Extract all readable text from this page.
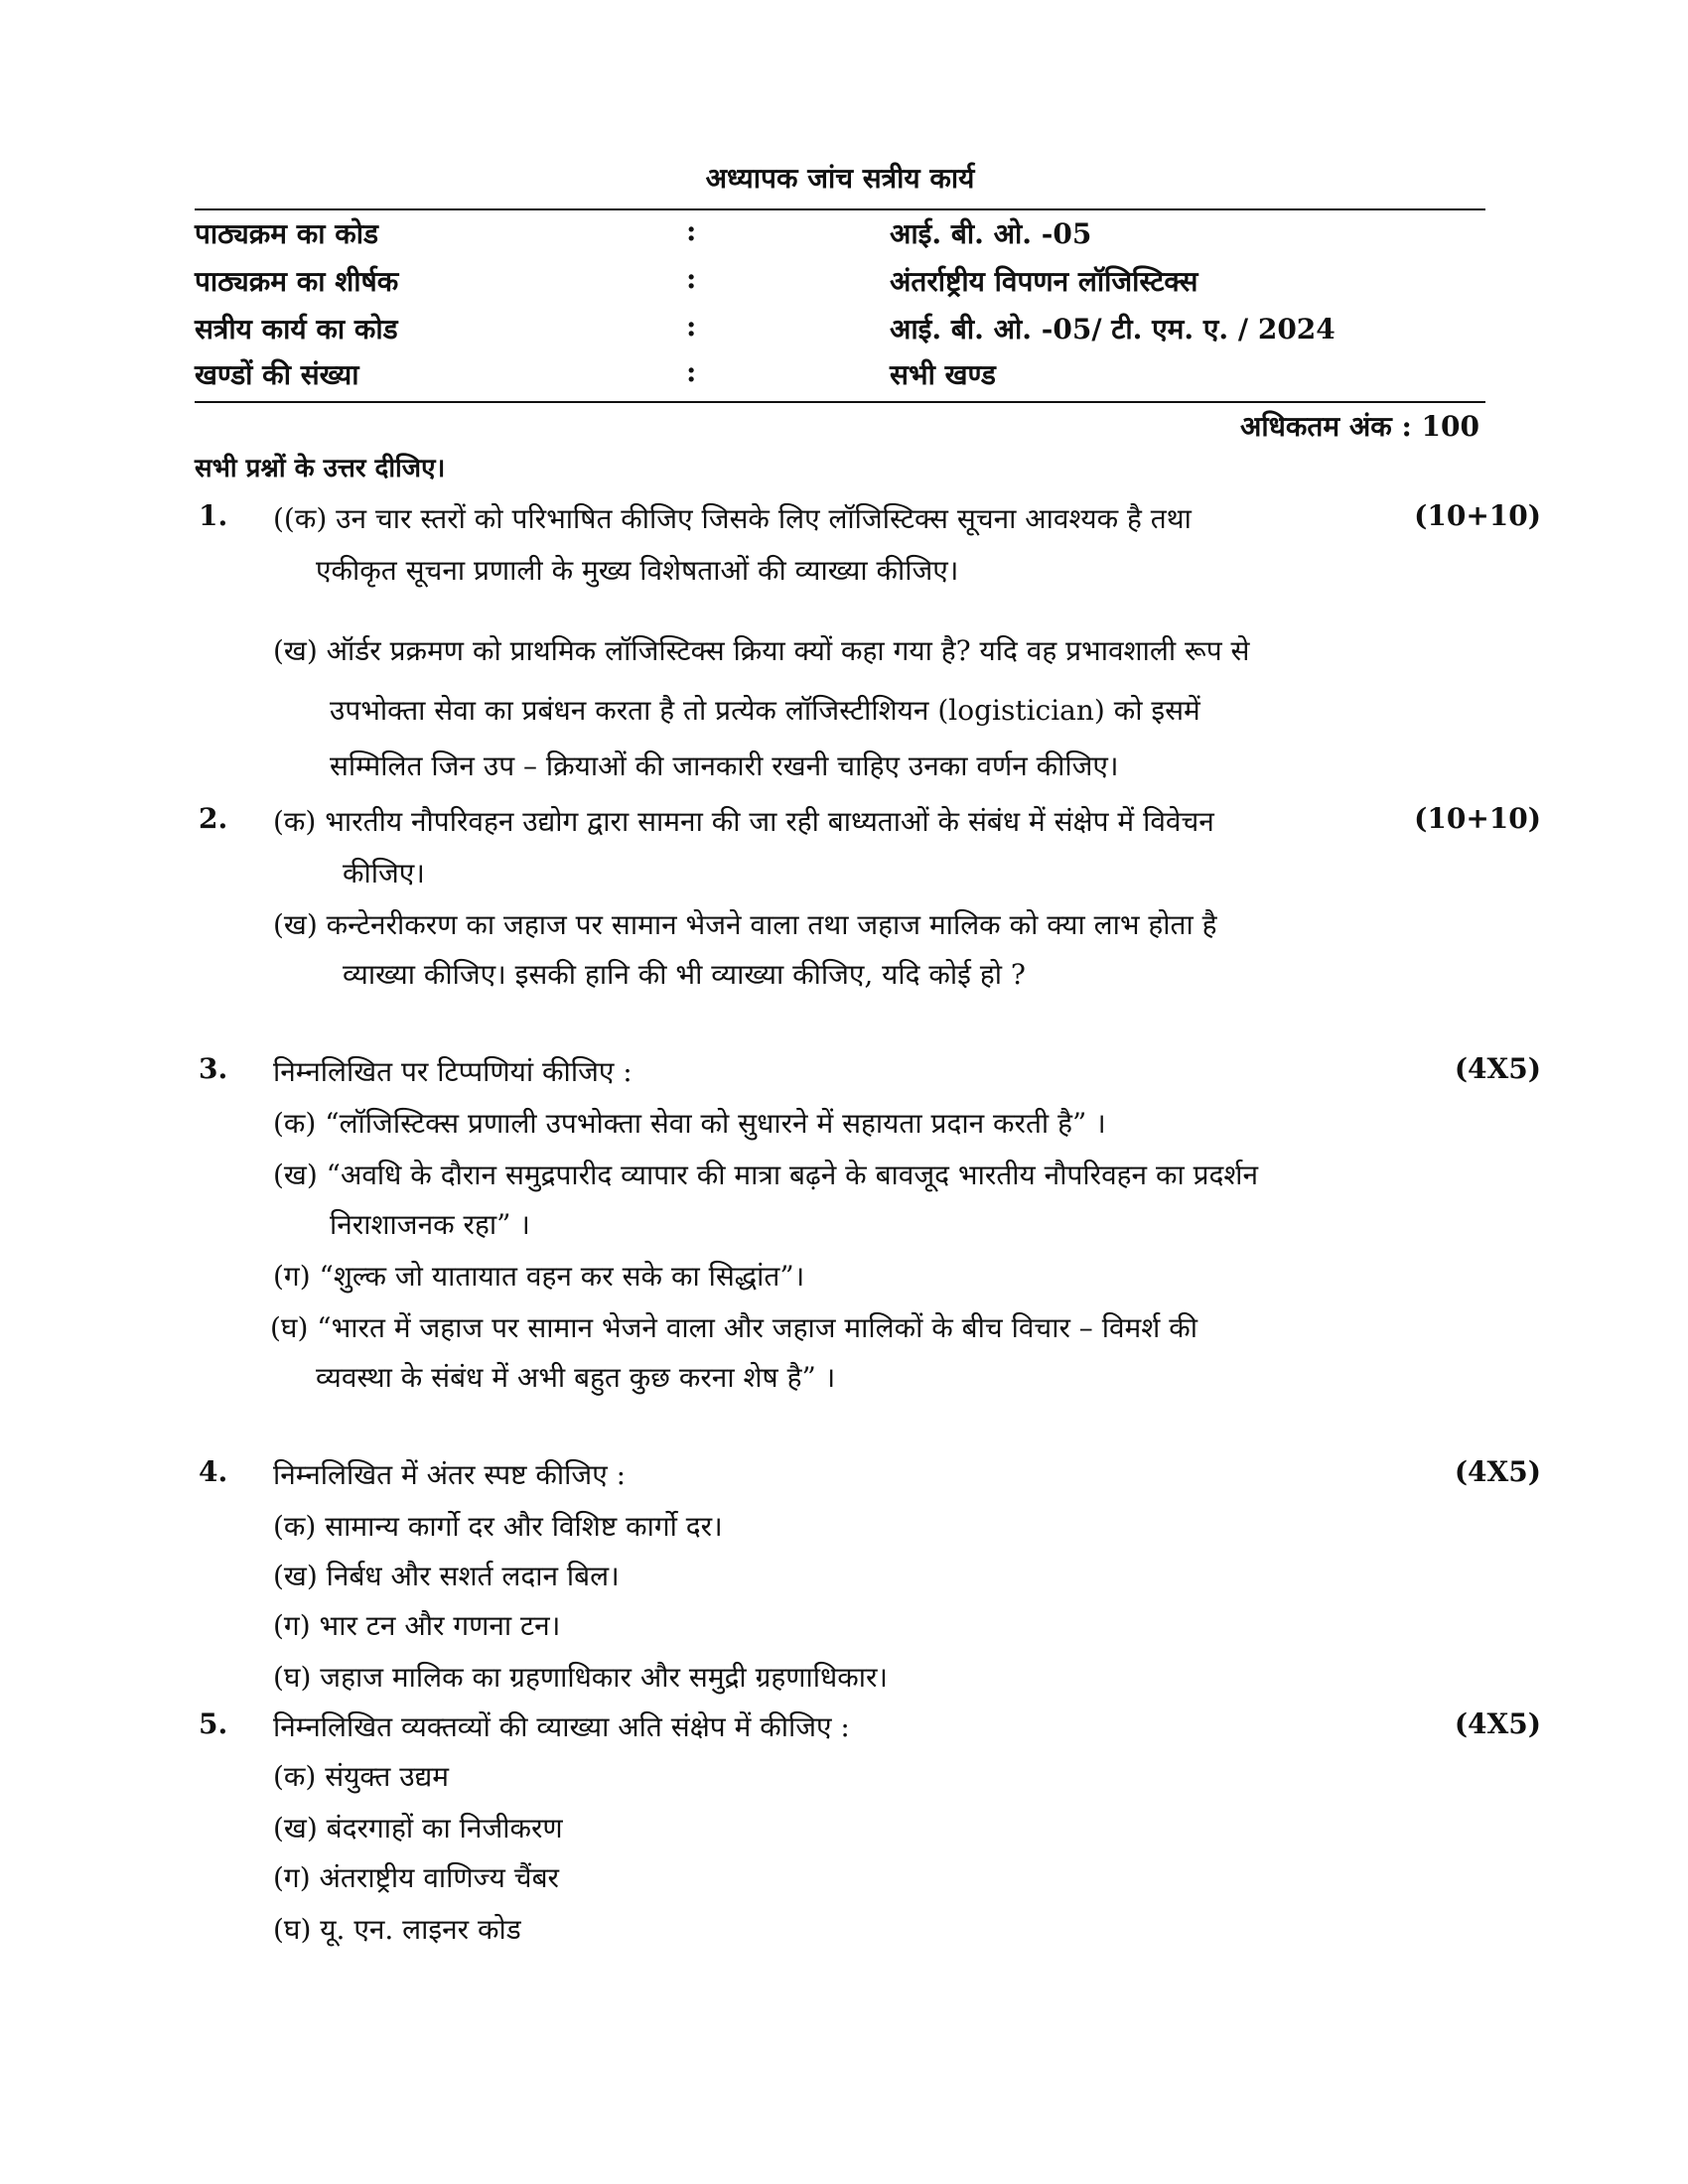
अध्यापक जांच सत्रीय कार्य
पाठ्यक्रम का कोड	:	आई. बी. ओ. -05
पाठ्यक्रम का शीर्षक	:	अंतर्राष्ट्रीय विपणन लॉजिस्टिक्स
सत्रीय कार्य का कोड	:	आई. बी. ओ. -05/ टी. एम. ए. / 2024
खण्डों की संख्या	:	सभी खण्ड
अधिकतम अंक : 100
सभी प्रश्नों के उत्तर दीजिए।
1.	(10+10)
((क) उन चार स्तरों को परिभाषित कीजिए जिसके लिए लॉजिस्टिक्स सूचना आवश्यक है तथा
एकीकृत सूचना प्रणाली के मुख्य विशेषताओं की व्याख्या कीजिए।
(ख) ऑर्डर प्रक्रमण को प्राथमिक लॉजिस्टिक्स क्रिया क्यों कहा गया है? यदि वह प्रभावशाली रूप से
उपभोक्ता सेवा का प्रबंधन करता है तो प्रत्येक लॉजिस्टीशियन (logistician) को इसमें
सम्मिलित जिन उप – क्रियाओं की जानकारी रखनी चाहिए उनका वर्णन कीजिए।
2.	(10+10)
(क) भारतीय नौपरिवहन उद्योग द्वारा सामना की जा रही बाध्यताओं के संबंध में संक्षेप में विवेचन
कीजिए।
(ख) कन्टेनरीकरण का जहाज पर सामान भेजने वाला तथा जहाज मालिक को क्या लाभ होता है
व्याख्या कीजिए। इसकी हानि की भी व्याख्या कीजिए, यदि कोई हो ?
3.	(4X5)
निम्नलिखित पर टिप्पणियां कीजिए :
(क) “लॉजिस्टिक्स प्रणाली उपभोक्ता सेवा को सुधारने में सहायता प्रदान करती है” ।
(ख) “अवधि के दौरान समुद्रपारीद व्यापार की मात्रा बढ़ने के बावजूद भारतीय नौपरिवहन का प्रदर्शन
निराशाजनक रहा” ।
(ग) “शुल्क जो यातायात वहन कर सके का सिद्धांत”।
(घ) “भारत में जहाज पर सामान भेजने वाला और जहाज मालिकों के बीच विचार – विमर्श की
व्यवस्था के संबंध में अभी बहुत कुछ करना शेष है” ।
4.	(4X5)
निम्नलिखित में अंतर स्पष्ट कीजिए :
(क) सामान्य कार्गो दर और विशिष्ट कार्गो दर।
(ख) निर्बध और सशर्त लदान बिल।
(ग) भार टन और गणना टन।
(घ) जहाज मालिक का ग्रहणाधिकार और समुद्री ग्रहणाधिकार।
5.	(4X5)
निम्नलिखित व्यक्तव्यों की व्याख्या अति संक्षेप में कीजिए :
(क) संयुक्त उद्यम
(ख) बंदरगाहों का निजीकरण
(ग) अंतराष्ट्रीय वाणिज्य चैंबर
(घ) यू. एन. लाइनर कोड
